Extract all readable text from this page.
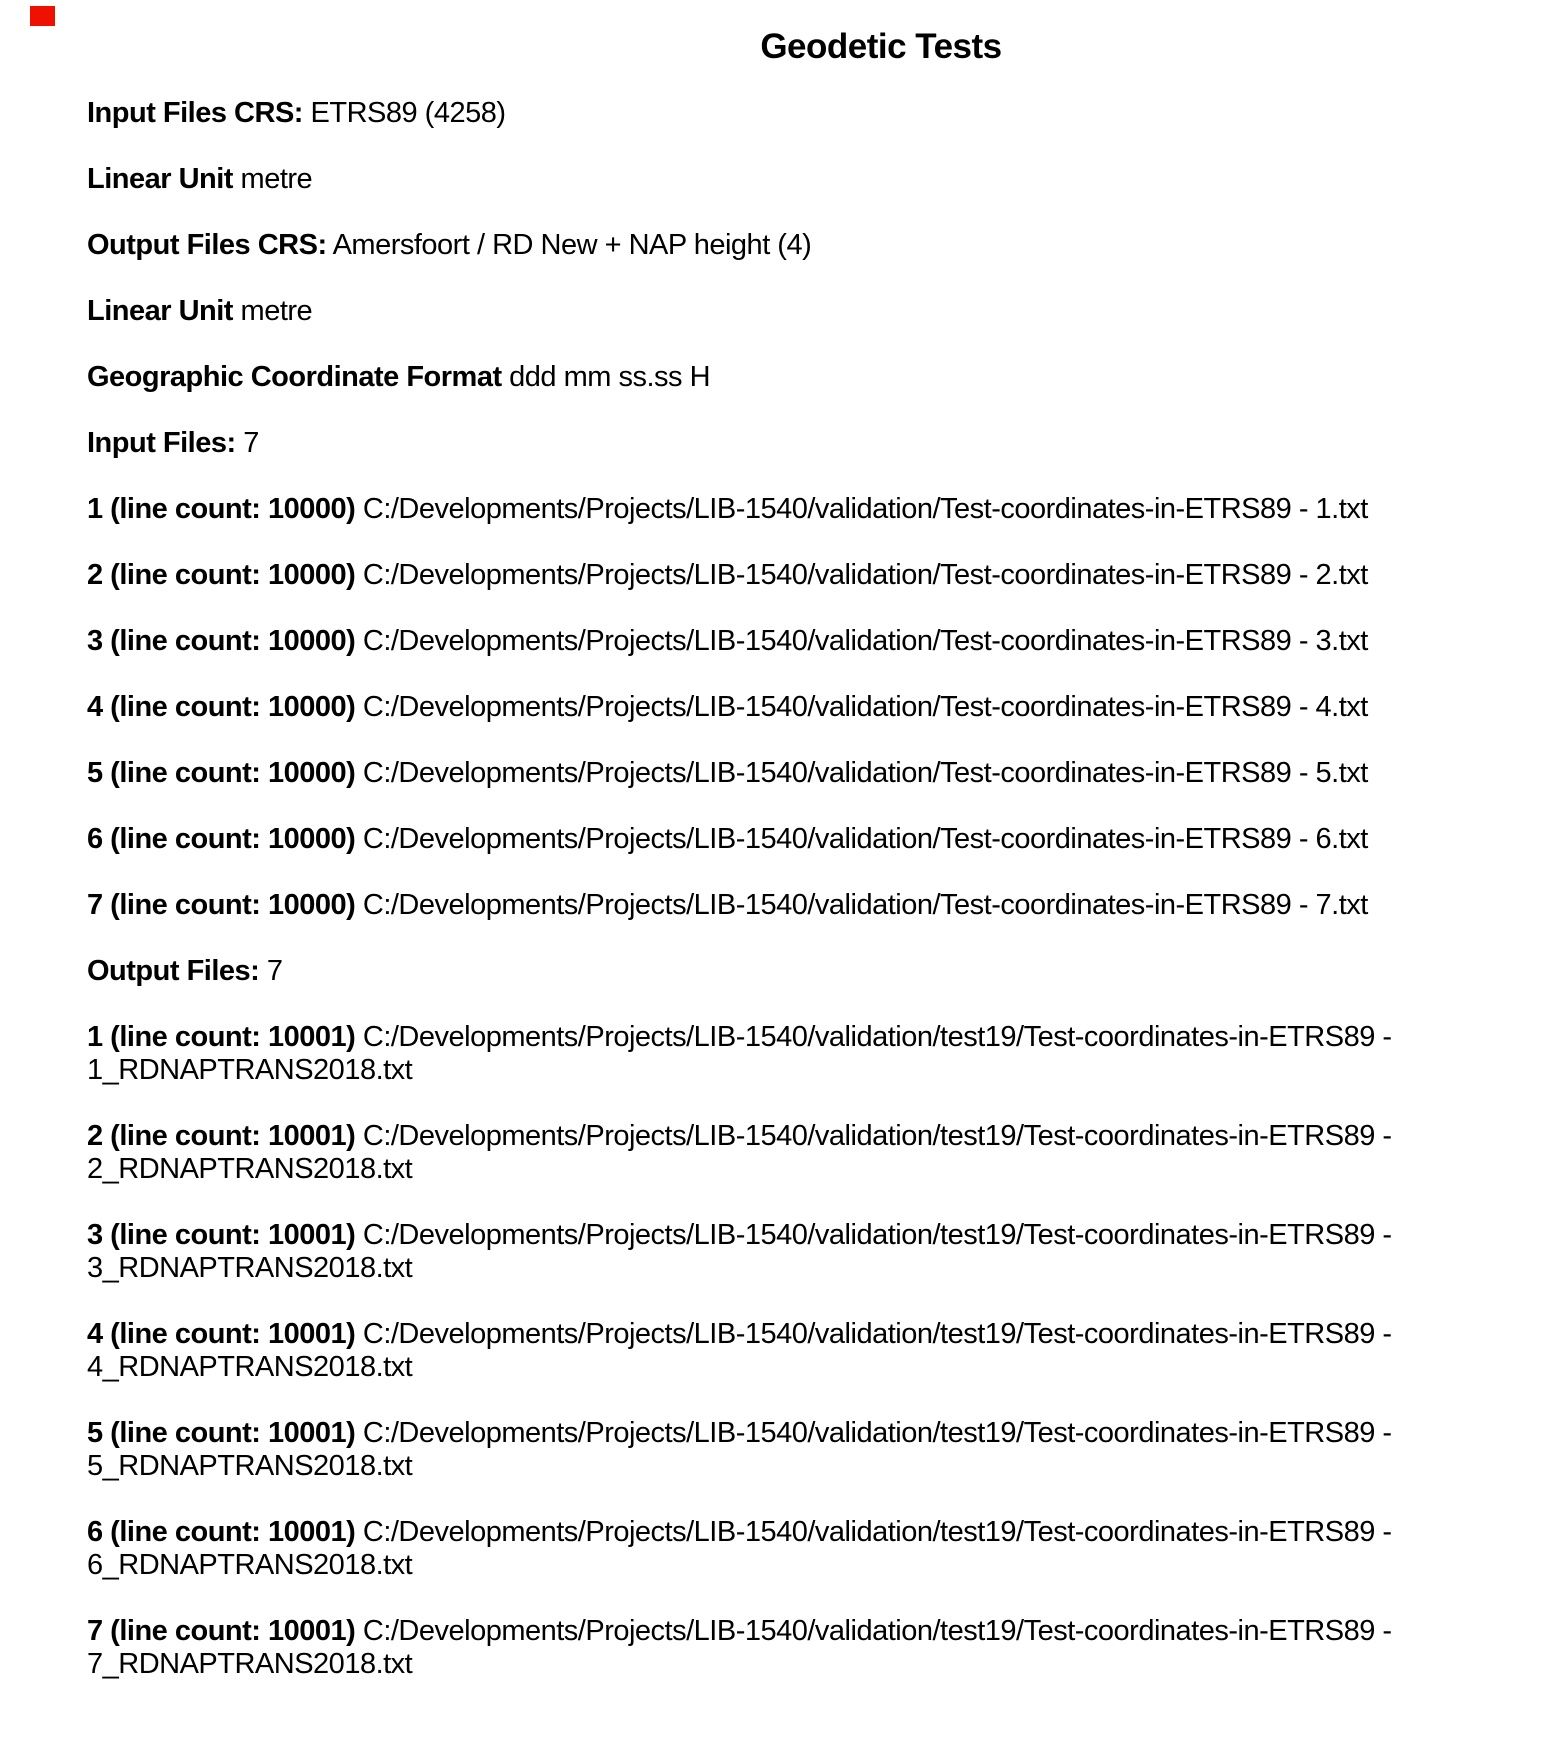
Geodetic Tests

Input Files CRS: ETRS89 (4258)

Linear Unit metre

Output Files CRS: Amersfoort / RD New + NAP height (4)

Linear Unit metre

Geographic Coordinate Format ddd mm ss.ss H

Input Files: 7

1 (line count: 10000) C:/Developments/Projects/LIB-1540/validation/Test-coordinates-in-ETRS89 - 1.txt

2 (line count: 10000) C:/Developments/Projects/LIB-1540/validation/Test-coordinates-in-ETRS89 - 2.txt

3 (line count: 10000) C:/Developments/Projects/LIB-1540/validation/Test-coordinates-in-ETRS89 - 3.txt

4 (line count: 10000) C:/Developments/Projects/LIB-1540/validation/Test-coordinates-in-ETRS89 - 4.txt

5 (line count: 10000) C:/Developments/Projects/LIB-1540/validation/Test-coordinates-in-ETRS89 - 5.txt

6 (line count: 10000) C:/Developments/Projects/LIB-1540/validation/Test-coordinates-in-ETRS89 - 6.txt

7 (line count: 10000) C:/Developments/Projects/LIB-1540/validation/Test-coordinates-in-ETRS89 - 7.txt

Output Files: 7

1 (line count: 10001) C:/Developments/Projects/LIB-1540/validation/test19/Test-coordinates-in-ETRS89 -
1_RDNAPTRANS2018.txt

2 (line count: 10001) C:/Developments/Projects/LIB-1540/validation/test19/Test-coordinates-in-ETRS89 -
2_RDNAPTRANS2018.txt

3 (line count: 10001) C:/Developments/Projects/LIB-1540/validation/test19/Test-coordinates-in-ETRS89 -
3_RDNAPTRANS2018.txt

4 (line count: 10001) C:/Developments/Projects/LIB-1540/validation/test19/Test-coordinates-in-ETRS89 -
4_RDNAPTRANS2018.txt

5 (line count: 10001) C:/Developments/Projects/LIB-1540/validation/test19/Test-coordinates-in-ETRS89 -
5_RDNAPTRANS2018.txt

6 (line count: 10001) C:/Developments/Projects/LIB-1540/validation/test19/Test-coordinates-in-ETRS89 -
6_RDNAPTRANS2018.txt

7 (line count: 10001) C:/Developments/Projects/LIB-1540/validation/test19/Test-coordinates-in-ETRS89 -
7_RDNAPTRANS2018.txt
